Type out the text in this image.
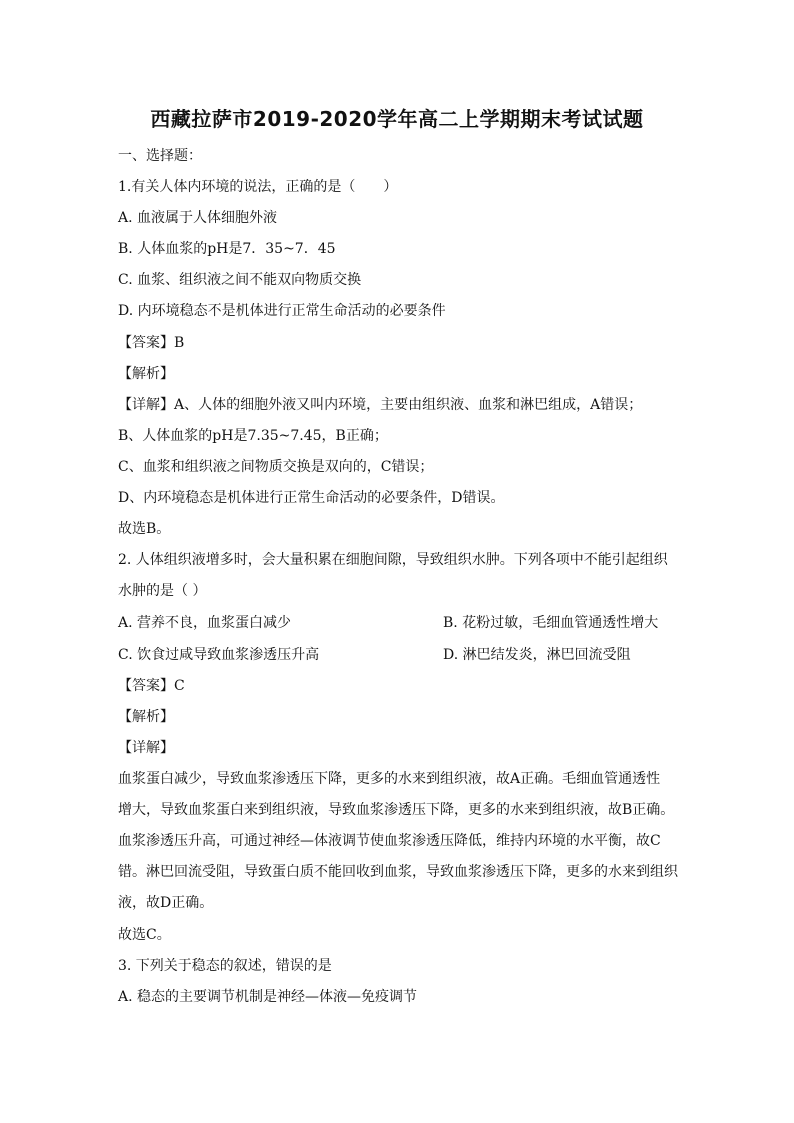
西藏拉萨市2019-2020学年高二上学期期末考试试题
一、选择题：
1.有关人体内环境的说法，正确的是（　　）
A. 血液属于人体细胞外液
B. 人体血浆的pH是7．35~7．45
C. 血浆、组织液之间不能双向物质交换
D. 内环境稳态不是机体进行正常生命活动的必要条件
【答案】B
【解析】
【详解】A、人体的细胞外液又叫内环境，主要由组织液、血浆和淋巴组成，A错误；
B、人体血浆的pH是7.35~7.45，B正确；
C、血浆和组织液之间物质交换是双向的，C错误；
D、内环境稳态是机体进行正常生命活动的必要条件，D错误。
故选B。
2. 人体组织液增多时，会大量积累在细胞间隙，导致组织水肿。下列各项中不能引起组织
水肿的是（ ）
A. 营养不良，血浆蛋白减少	B. 花粉过敏，毛细血管通透性增大
C. 饮食过咸导致血浆渗透压升高	D. 淋巴结发炎，淋巴回流受阻
【答案】C
【解析】
【详解】
血浆蛋白减少，导致血浆渗透压下降，更多的水来到组织液，故A正确。毛细血管通透性
增大，导致血浆蛋白来到组织液，导致血浆渗透压下降，更多的水来到组织液，故B正确。
血浆渗透压升高，可通过神经—体液调节使血浆渗透压降低，维持内环境的水平衡，故C
错。淋巴回流受阻，导致蛋白质不能回收到血浆，导致血浆渗透压下降，更多的水来到组织
液，故D正确。
故选C。
3. 下列关于稳态的叙述，错误的是
A. 稳态的主要调节机制是神经—体液—免疫调节
